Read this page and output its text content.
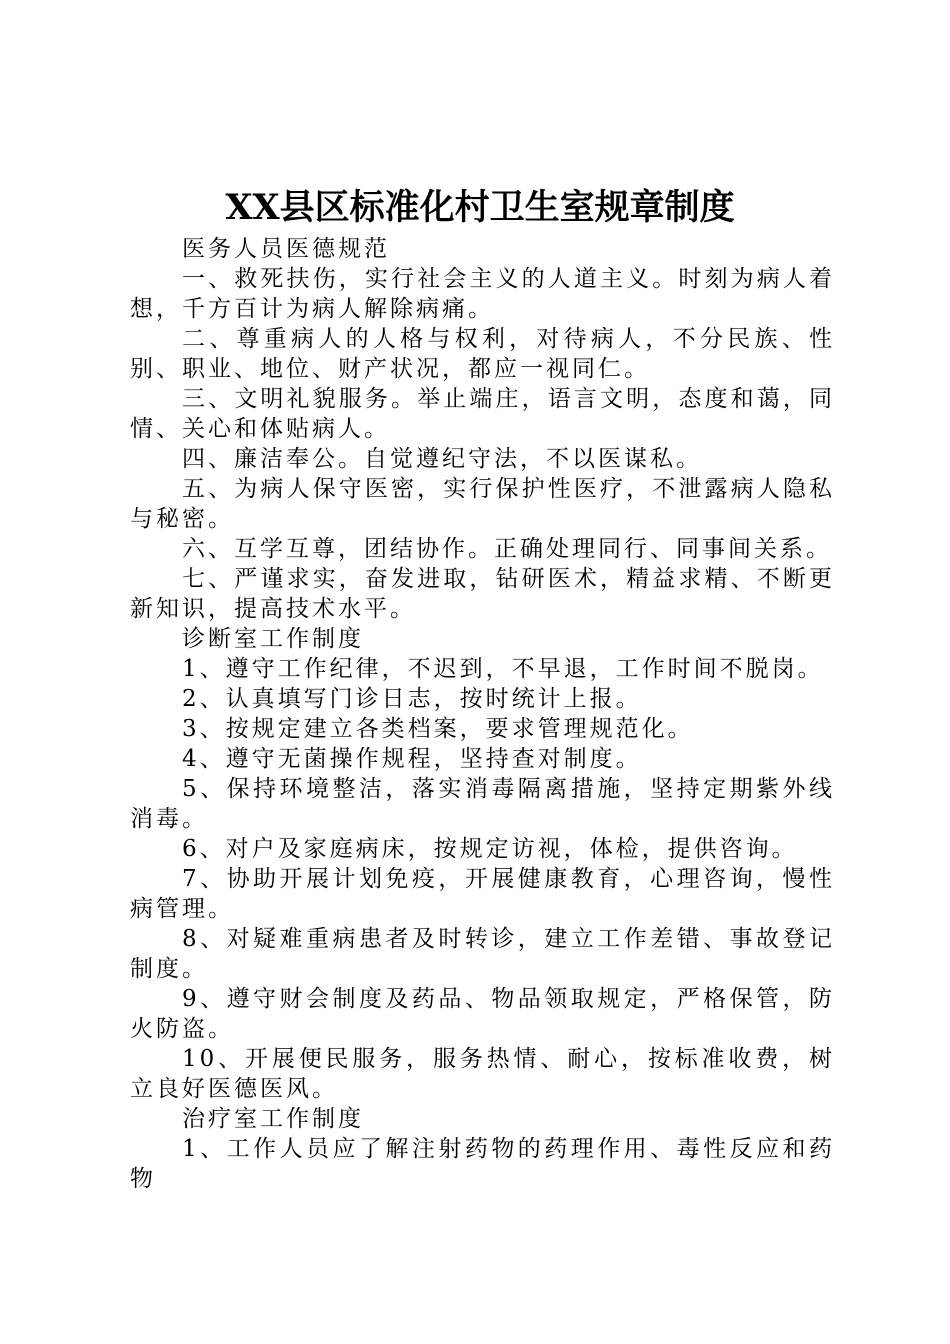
XX县区标准化村卫生室规章制度

医务人员医德规范

一、救死扶伤，实行社会主义的人道主义。时刻为病人着想，千方百计为病人解除病痛。

二、尊重病人的人格与权利，对待病人，不分民族、性别、职业、地位、财产状况，都应一视同仁。

三、文明礼貌服务。举止端庄，语言文明，态度和蔼，同情、关心和体贴病人。

四、廉洁奉公。自觉遵纪守法，不以医谋私。

五、为病人保守医密，实行保护性医疗，不泄露病人隐私与秘密。

六、互学互尊，团结协作。正确处理同行、同事间关系。

七、严谨求实，奋发进取，钻研医术，精益求精、不断更新知识，提高技术水平。

诊断室工作制度

1、遵守工作纪律，不迟到，不早退，工作时间不脱岗。

2、认真填写门诊日志，按时统计上报。

3、按规定建立各类档案，要求管理规范化。

4、遵守无菌操作规程，坚持查对制度。

5、保持环境整洁，落实消毒隔离措施，坚持定期紫外线消毒。

6、对户及家庭病床，按规定访视，体检，提供咨询。

7、协助开展计划免疫，开展健康教育，心理咨询，慢性病管理。

8、对疑难重病患者及时转诊，建立工作差错、事故登记制度。

9、遵守财会制度及药品、物品领取规定，严格保管，防火防盗。

10、开展便民服务，服务热情、耐心，按标准收费，树立良好医德医风。

治疗室工作制度

1、工作人员应了解注射药物的药理作用、毒性反应和药物
